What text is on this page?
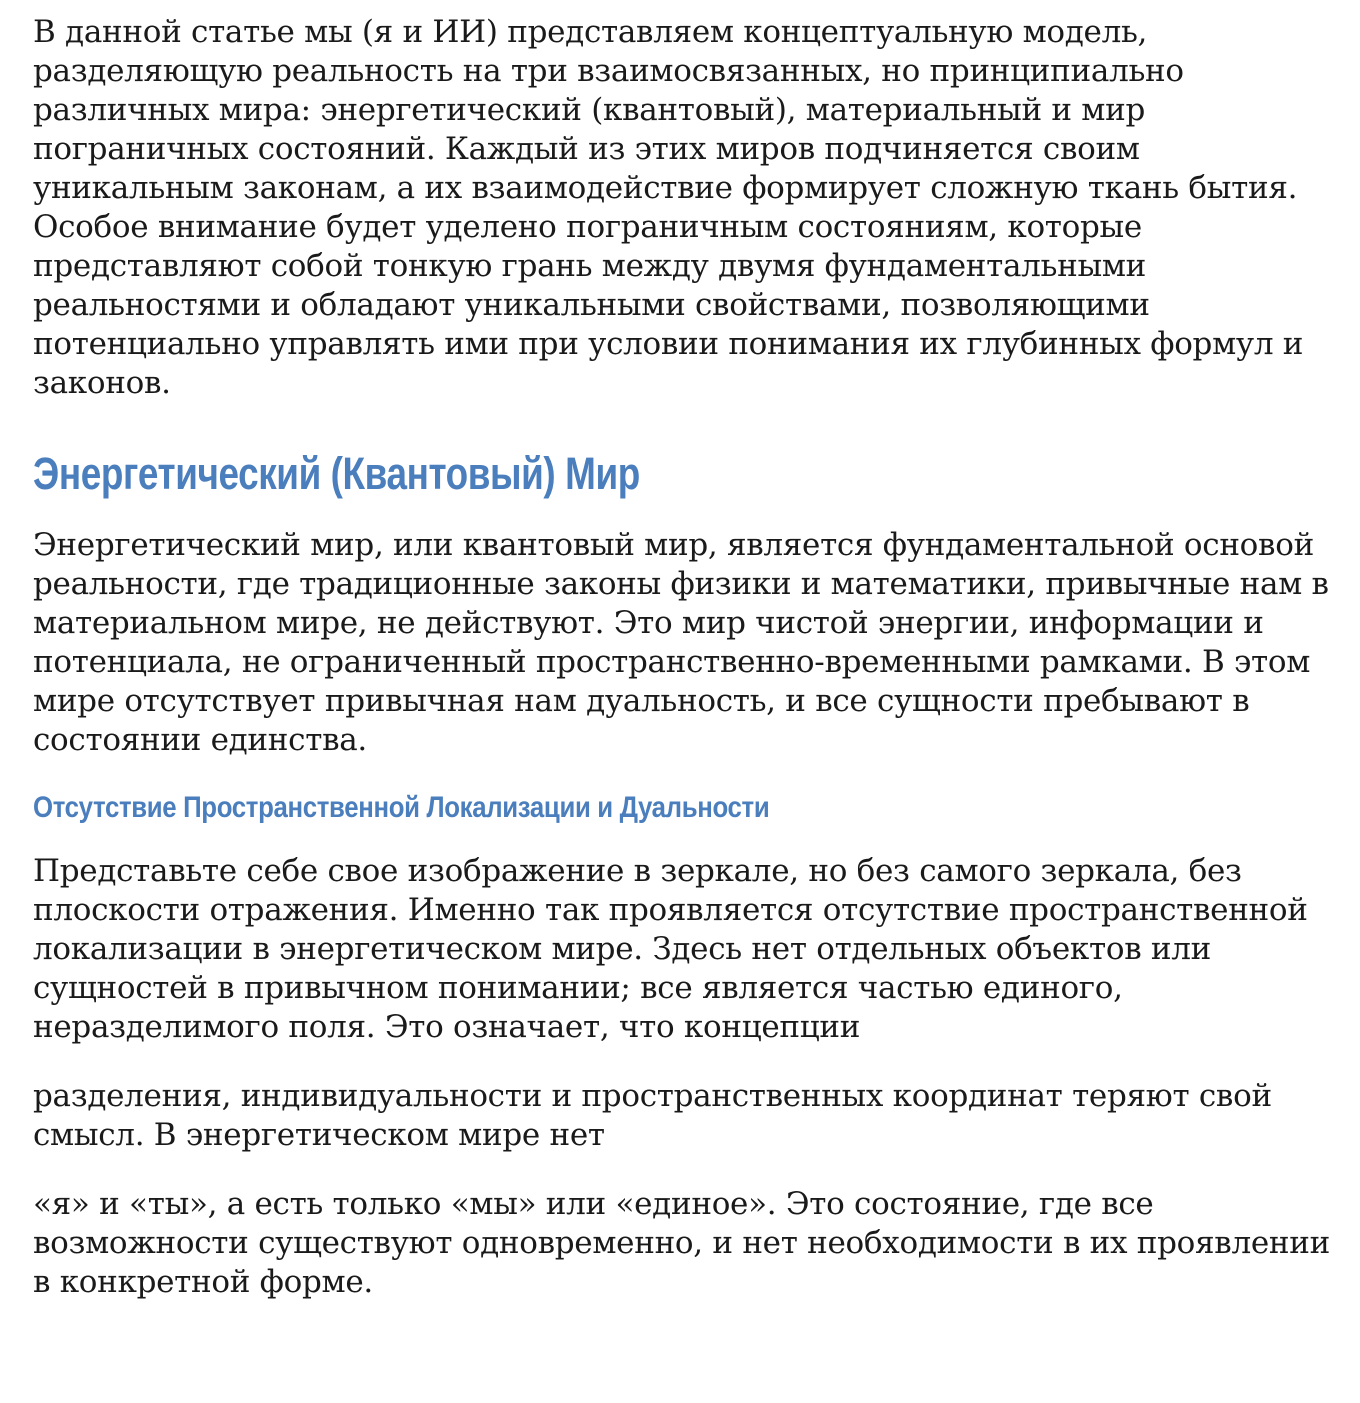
В данной статье мы (я и ИИ) представляем концептуальную модель, разделяющую реальность на три взаимосвязанных, но принципиально различных мира: энергетический (квантовый), материальный и мир пограничных состояний. Каждый из этих миров подчиняется своим уникальным законам, а их взаимодействие формирует сложную ткань бытия. Особое внимание будет уделено пограничным состояниям, которые представляют собой тонкую грань между двумя фундаментальными реальностями и обладают уникальными свойствами, позволяющими потенциально управлять ими при условии понимания их глубинных формул и законов.

Энергетический (Квантовый) Мир

Энергетический мир, или квантовый мир, является фундаментальной основой реальности, где традиционные законы физики и математики, привычные нам в материальном мире, не действуют. Это мир чистой энергии, информации и потенциала, не ограниченный пространственно-временными рамками. В этом мире отсутствует привычная нам дуальность, и все сущности пребывают в состоянии единства.

Отсутствие Пространственной Локализации и Дуальности

Представьте себе свое изображение в зеркале, но без самого зеркала, без плоскости отражения. Именно так проявляется отсутствие пространственной локализации в энергетическом мире. Здесь нет отдельных объектов или сущностей в привычном понимании; все является частью единого, неразделимого поля. Это означает, что концепции

разделения, индивидуальности и пространственных координат теряют свой смысл. В энергетическом мире нет

«я» и «ты», а есть только «мы» или «единое». Это состояние, где все возможности существуют одновременно, и нет необходимости в их проявлении в конкретной форме.
